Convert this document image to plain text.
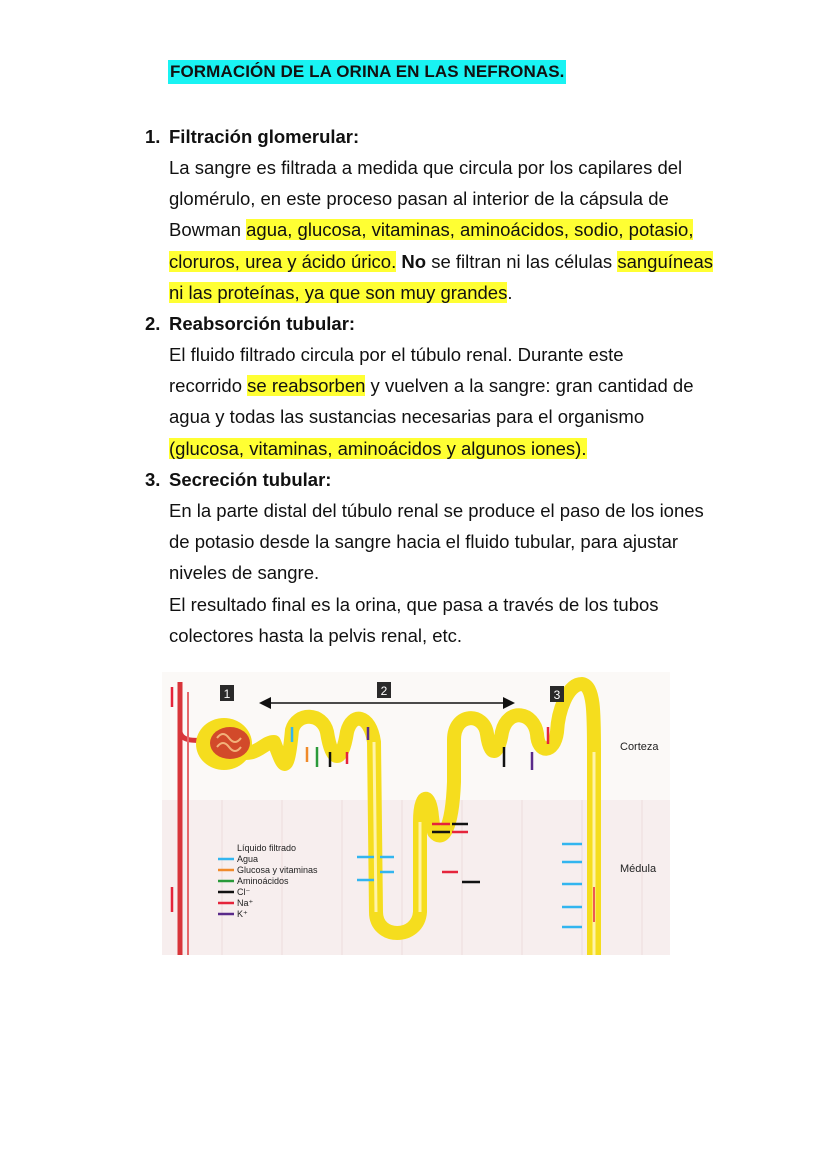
FORMACIÓN DE LA ORINA EN LAS NEFRONAS.
1. Filtración glomerular:
La sangre es filtrada a medida que circula por los capilares del
glomérulo, en este proceso pasan al interior de la cápsula de
Bowman agua, glucosa, vitaminas, aminoácidos, sodio, potasio,
cloruros, urea y ácido úrico. No se filtran ni las células sanguíneas
ni las proteínas, ya que son muy grandes.
2. Reabsorción tubular:
El fluido filtrado circula por el túbulo renal. Durante este
recorrido se reabsorben y vuelven a la sangre: gran cantidad de
agua y todas las sustancias necesarias para el organismo
(glucosa, vitaminas, aminoácidos y algunos iones).
3. Secreción tubular:
En la parte distal del túbulo renal se produce el paso de los iones
de potasio desde la sangre hacia el fluido tubular, para ajustar
niveles de sangre.
El resultado final es la orina, que pasa a través de los tubos
colectores hasta la pelvis renal, etc.
1	2	3
Corteza
Médula
Líquido filtrado
Agua
Glucosa y vitaminas
Aminoácidos
Cl⁻
Na⁺
K⁺
